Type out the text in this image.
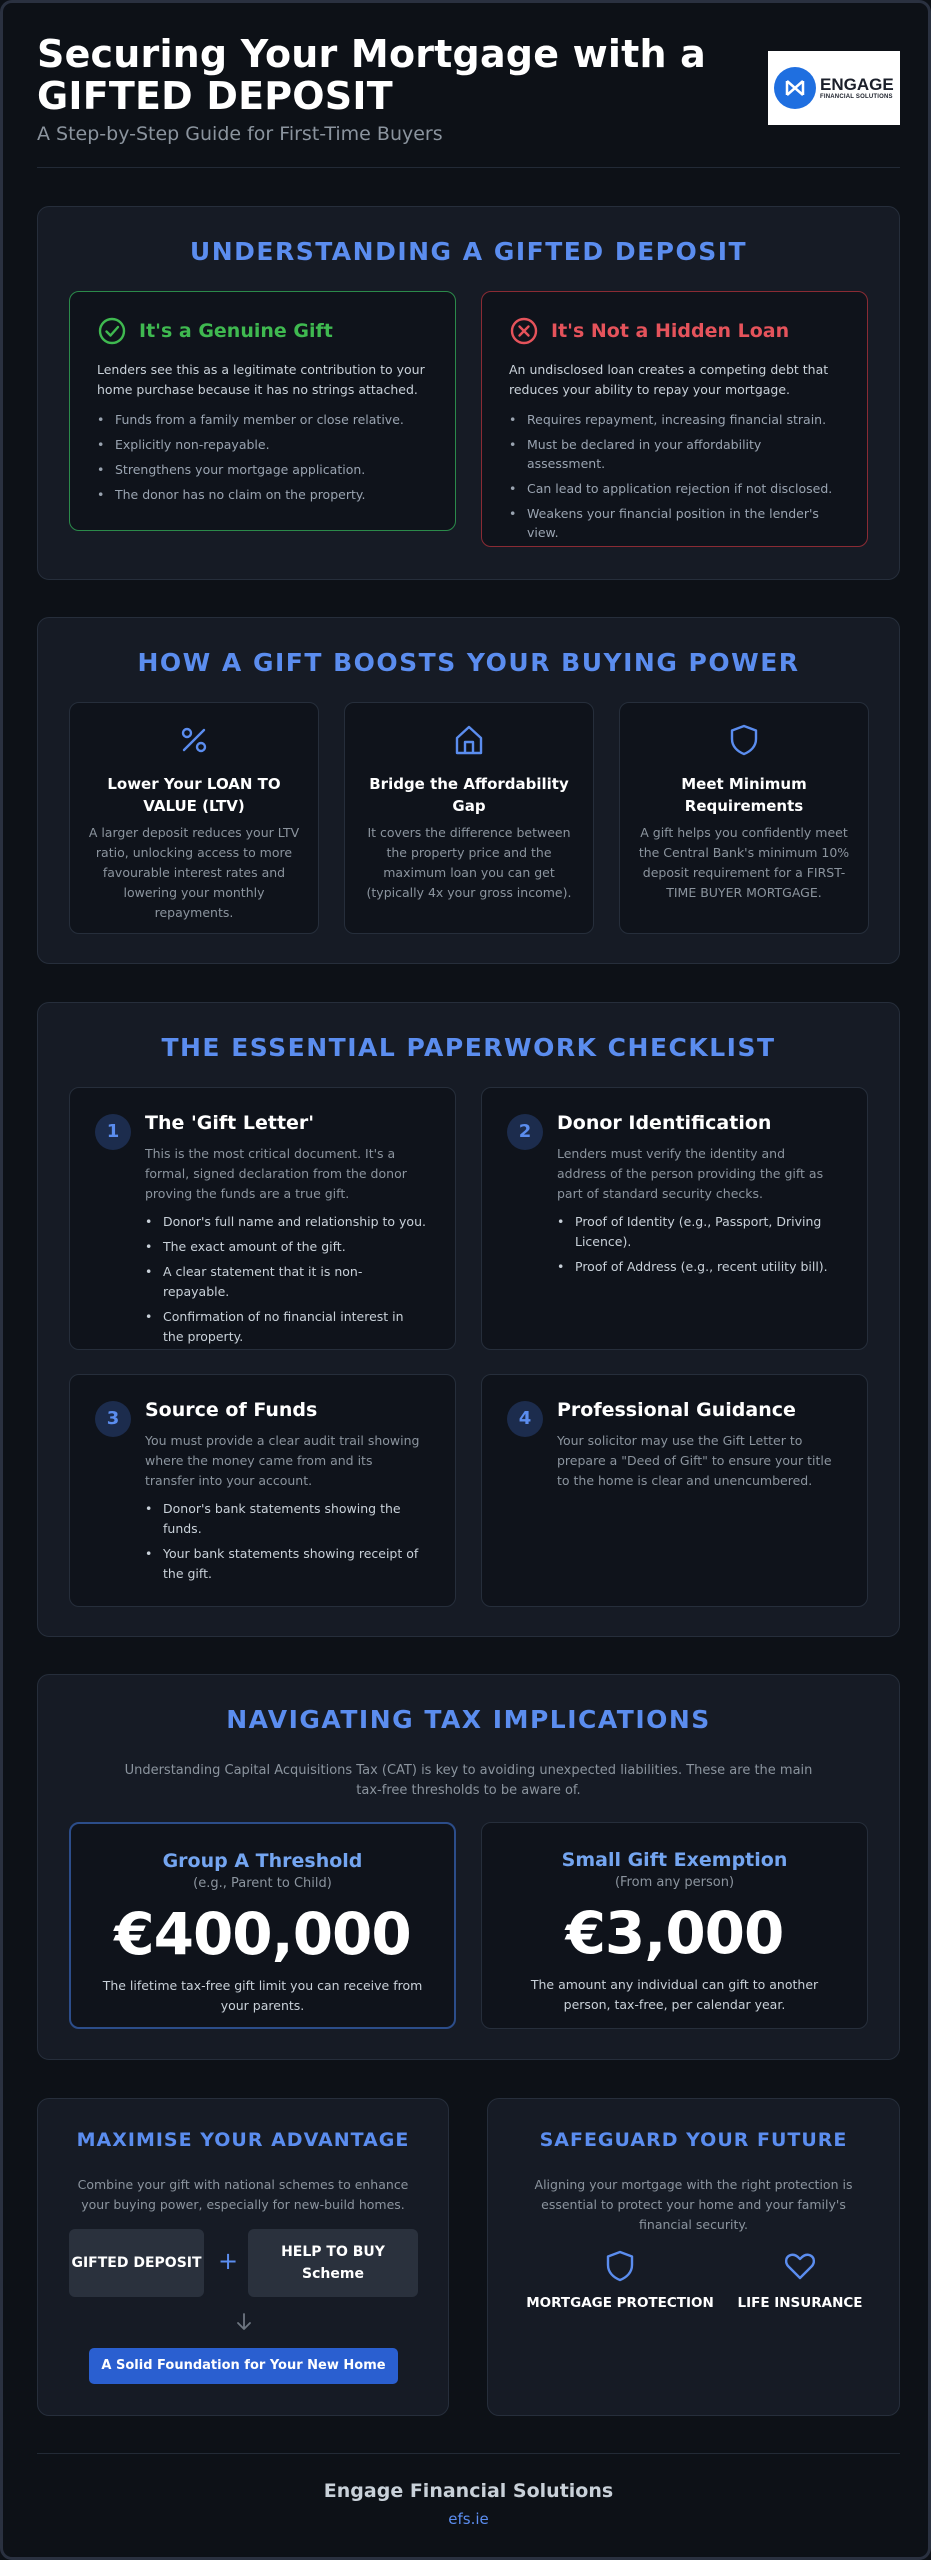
Securing Your Mortgage with a GIFTED DEPOSIT
A Step-by-Step Guide for First-Time Buyers
ENGAGE
FINANCIAL SOLUTIONS
UNDERSTANDING A GIFTED DEPOSIT
It's a Genuine Gift
Lenders see this as a legitimate contribution to your home purchase because it has no strings attached.
• Funds from a family member or close relative.
• Explicitly non-repayable.
• Strengthens your mortgage application.
• The donor has no claim on the property.
It's Not a Hidden Loan
An undisclosed loan creates a competing debt that reduces your ability to repay your mortgage.
• Requires repayment, increasing financial strain.
• Must be declared in your affordability assessment.
• Can lead to application rejection if not disclosed.
• Weakens your financial position in the lender's view.
HOW A GIFT BOOSTS YOUR BUYING POWER
Lower Your LOAN TO VALUE (LTV)
A larger deposit reduces your LTV ratio, unlocking access to more favourable interest rates and lowering your monthly repayments.
Bridge the Affordability Gap
It covers the difference between the property price and the maximum loan you can get (typically 4x your gross income).
Meet Minimum Requirements
A gift helps you confidently meet the Central Bank's minimum 10% deposit requirement for a FIRST-TIME BUYER MORTGAGE.
THE ESSENTIAL PAPERWORK CHECKLIST
1	The 'Gift Letter'
This is the most critical document. It's a formal, signed declaration from the donor proving the funds are a true gift.
• Donor's full name and relationship to you.
• The exact amount of the gift.
• A clear statement that it is non-repayable.
• Confirmation of no financial interest in the property.
2	Donor Identification
Lenders must verify the identity and address of the person providing the gift as part of standard security checks.
• Proof of Identity (e.g., Passport, Driving Licence).
• Proof of Address (e.g., recent utility bill).
3	Source of Funds
You must provide a clear audit trail showing where the money came from and its transfer into your account.
• Donor's bank statements showing the funds.
• Your bank statements showing receipt of the gift.
4	Professional Guidance
Your solicitor may use the Gift Letter to prepare a "Deed of Gift" to ensure your title to the home is clear and unencumbered.
NAVIGATING TAX IMPLICATIONS
Understanding Capital Acquisitions Tax (CAT) is key to avoiding unexpected liabilities. These are the main tax-free thresholds to be aware of.
Group A Threshold
(e.g., Parent to Child)
€400,000
The lifetime tax-free gift limit you can receive from your parents.
Small Gift Exemption
(From any person)
€3,000
The amount any individual can gift to another person, tax-free, per calendar year.
MAXIMISE YOUR ADVANTAGE
Combine your gift with national schemes to enhance your buying power, especially for new-build homes.
GIFTED DEPOSIT +	HELP TO BUY Scheme
A Solid Foundation for Your New Home
SAFEGUARD YOUR FUTURE
Aligning your mortgage with the right protection is essential to protect your home and your family's financial security.
MORTGAGE PROTECTION	LIFE INSURANCE
Engage Financial Solutions
efs.ie
